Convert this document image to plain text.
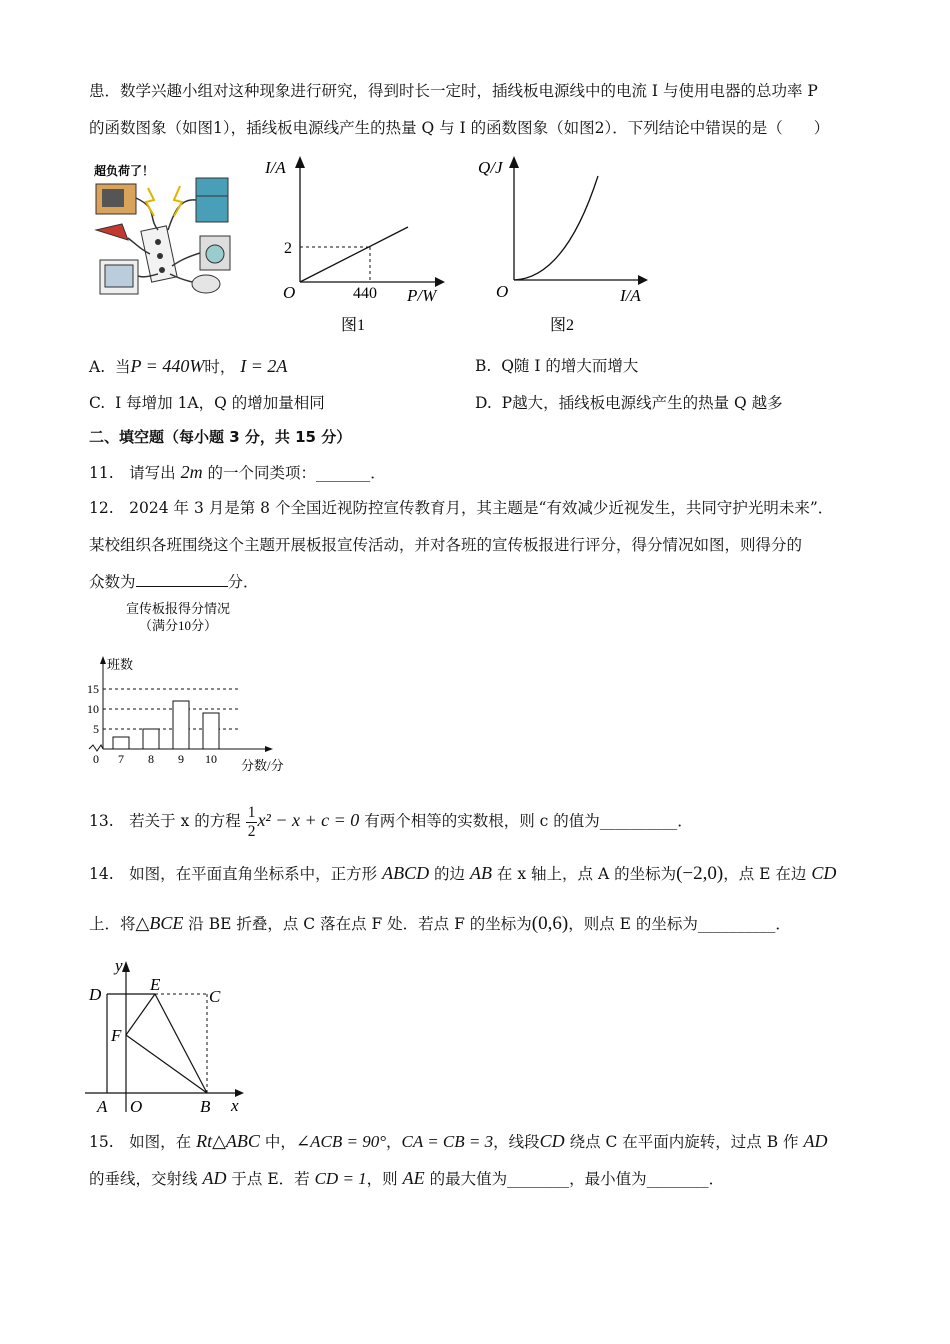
患．数学兴趣小组对这种现象进行研究，得到时长一定时，插线板电源线中的电流 I 与使用电器的总功率 P
的函数图象（如图1），插线板电源线产生的热量 Q 与 I 的函数图象（如图2）．下列结论中错误的是（　　）
超负荷了！	I/A
2
O	440 P/W
图1
Q/J
O	I/A
图2
A. 当P = 440W时， I = 2A	B. Q随 I 的增大而增大
C. I 每增加 1A，Q 的增加量相同	D. P越大，插线板电源线产生的热量 Q 越多
二、填空题（每小题 3 分，共 15 分）
11.　请写出 2m 的一个同类项：_______．
12.　2024 年 3 月是第 8 个全国近视防控宣传教育月，其主题是“有效减少近视发生，共同守护光明未来”．
某校组织各班围绕这个主题开展板报宣传活动，并对各班的宣传板报进行评分，得分情况如图，则得分的
众数为	分．
宣传板报得分情况
（满分10分）
班数
分数/分
0
5
10
15
7 8 9 10
13.　若关于 x 的方程 $\frac{1}{2} x^2 - x + c = 0$ 有两个相等的实数根，则 c 的值为__________．
14.　如图，在平面直角坐标系中，正方形 ABCD 的边 AB 在 x 轴上，点 A 的坐标为(−2,0)，点 E 在边 CD
上．将△BCE 沿 BE 折叠，点 C 落在点 F 处．若点 F 的坐标为(0,6)，则点 E 的坐标为__________．
y
x
D
E
C
F
A O	B
15.　如图，在 Rt△ABC 中，∠ACB = 90°，CA = CB = 3，线段CD 绕点 C 在平面内旋转，过点 B 作 AD
的垂线，交射线 AD 于点 E．若 CD = 1，则 AE 的最大值为________，最小值为________．
